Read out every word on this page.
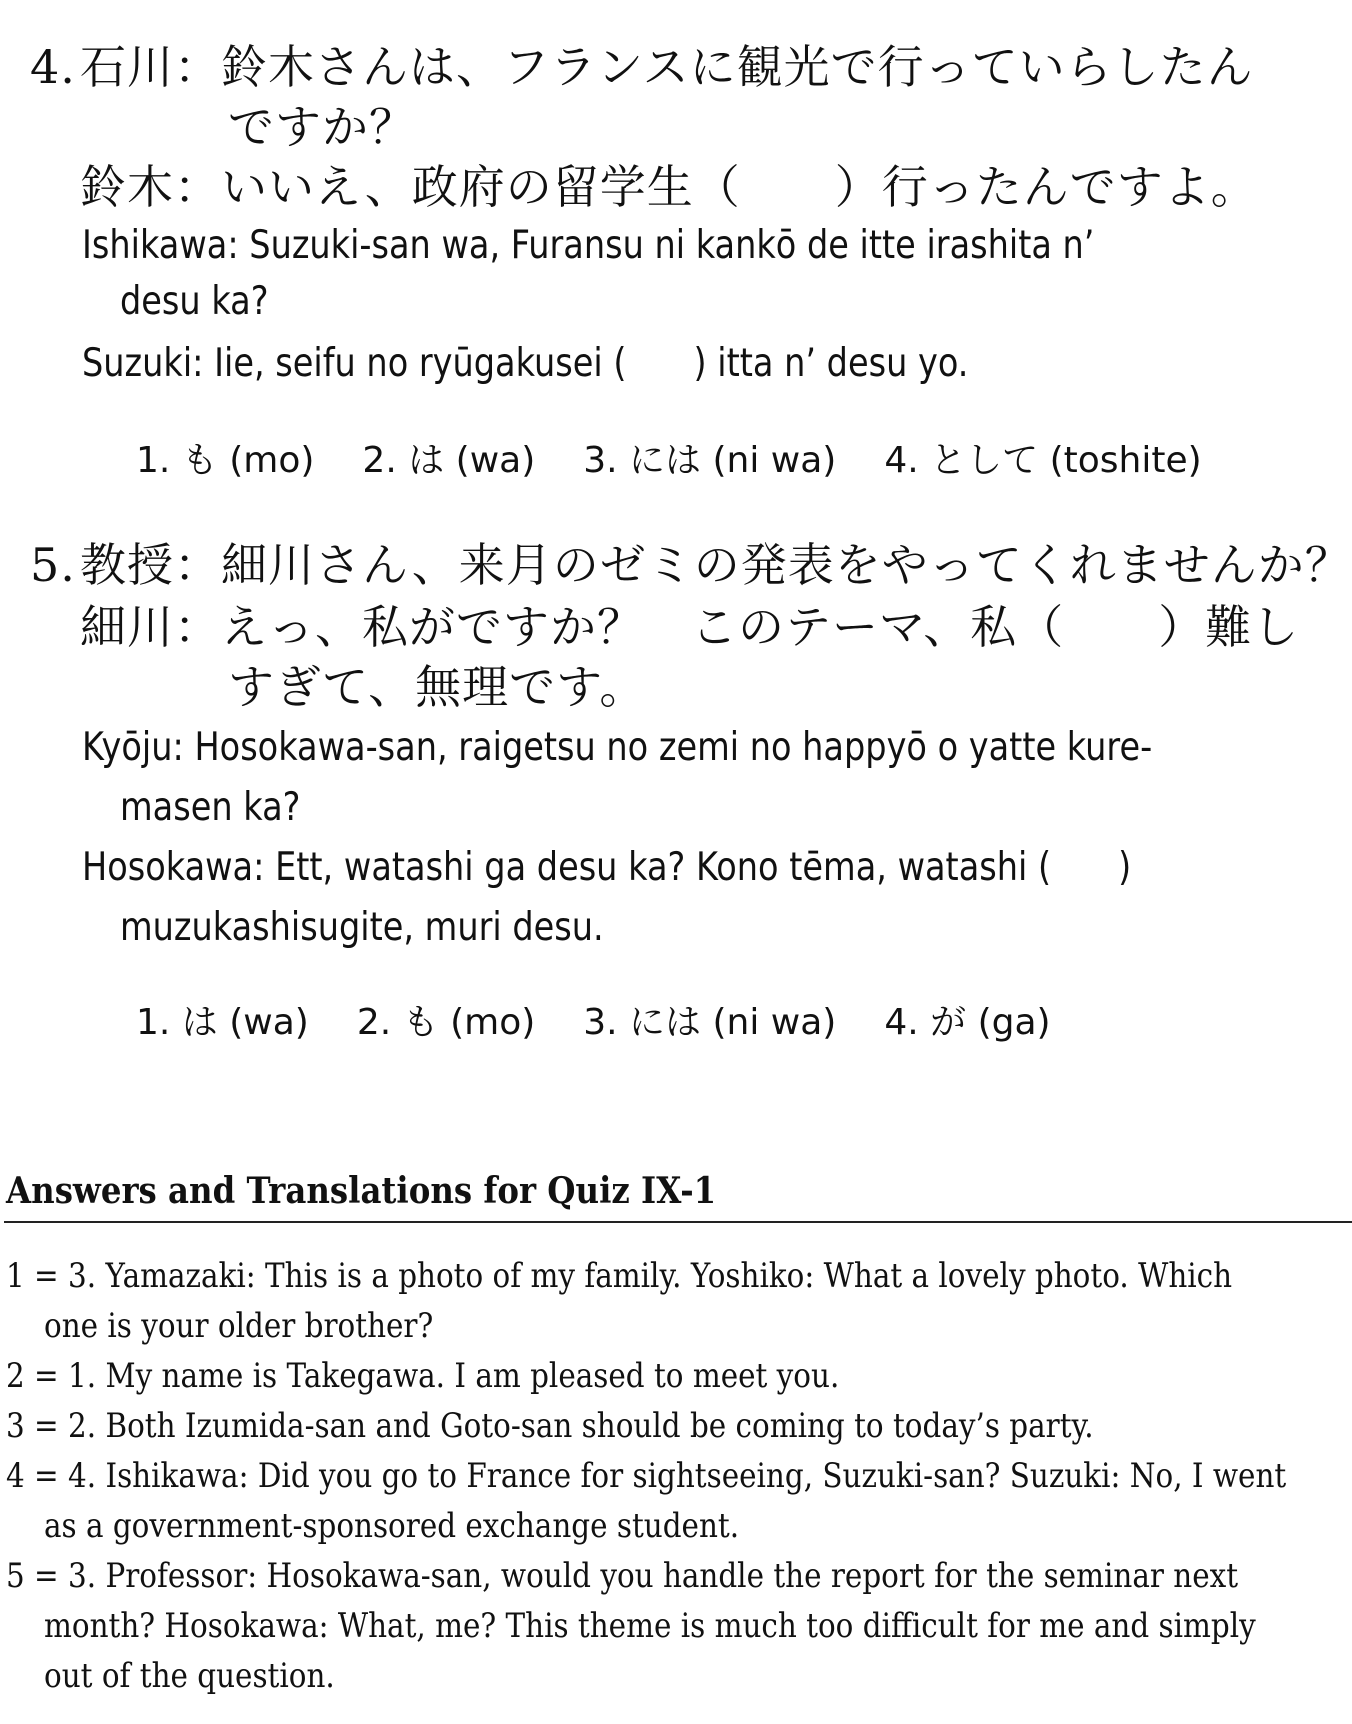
4.石川：鈴木さんは、フランスに観光で行っていらしたん
ですか？
鈴木：いいえ、政府の留学生（　　）行ったんですよ。
Ishikawa: Suzuki-san wa, Furansu ni kankō de itte irashita n’
desu ka?
Suzuki: Iie, seifu no ryūgakusei (　　) itta n’ desu yo.
1. も (mo) 2. は (wa) 3. には (ni wa) 4. として (toshite)
5.教授：細川さん、来月のゼミの発表をやってくれませんか？
細川：えっ、私がですか？　このテーマ、私（　　）難し
すぎて、無理です。
Kyōju: Hosokawa-san, raigetsu no zemi no happyō o yatte kure-
masen ka?
Hosokawa: Ett, watashi ga desu ka? Kono tēma, watashi (　　)
muzukashisugite, muri desu.
1. は (wa) 2. も (mo) 3. には (ni wa) 4. が (ga)
Answers and Translations for Quiz IX-1
1 = 3. Yamazaki: This is a photo of my family. Yoshiko: What a lovely photo. Which
one is your older brother?
2 = 1. My name is Takegawa. I am pleased to meet you.
3 = 2. Both Izumida-san and Goto-san should be coming to today’s party.
4 = 4. Ishikawa: Did you go to France for sightseeing, Suzuki-san? Suzuki: No, I went
as a government-sponsored exchange student.
5 = 3. Professor: Hosokawa-san, would you handle the report for the seminar next
month? Hosokawa: What, me? This theme is much too difficult for me and simply
out of the question.
